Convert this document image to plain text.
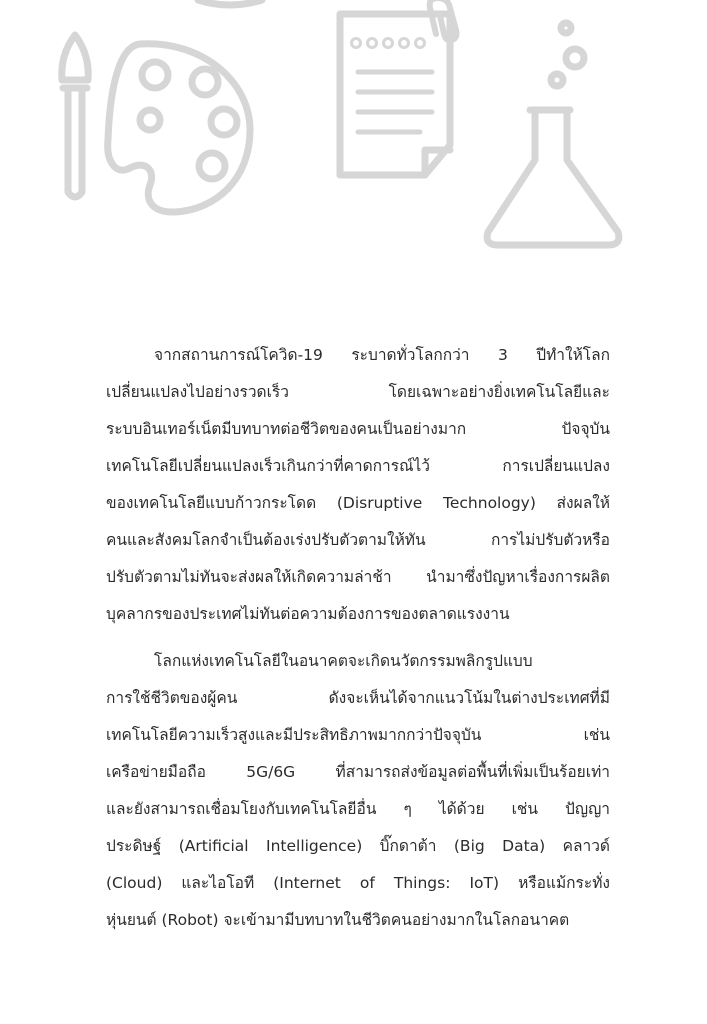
จากสถานการณ์โควิด-19 ระบาดทั่วโลกกว่า 3 ปีทำให้โลก
เปลี่ยนแปลงไปอย่างรวดเร็ว โดยเฉพาะอย่างยิ่งเทคโนโลยีและ
ระบบอินเทอร์เน็ตมีบทบาทต่อชีวิตของคนเป็นอย่างมาก ปัจจุบัน
เทคโนโลยีเปลี่ยนแปลงเร็วเกินกว่าที่คาดการณ์ไว้ การเปลี่ยนแปลง
ของเทคโนโลยีแบบก้าวกระโดด (Disruptive Technology) ส่งผลให้
คนและสังคมโลกจำเป็นต้องเร่งปรับตัวตามให้ทัน การไม่ปรับตัวหรือ
ปรับตัวตามไม่ทันจะส่งผลให้เกิดความล่าช้า นำมาซึ่งปัญหาเรื่องการผลิต
บุคลากรของประเทศไม่ทันต่อความต้องการของตลาดแรงงาน

โลกแห่งเทคโนโลยีในอนาคตจะเกิดนวัตกรรมพลิกรูปแบบ
การใช้ชีวิตของผู้คน ดังจะเห็นได้จากแนวโน้มในต่างประเทศที่มี
เทคโนโลยีความเร็วสูงและมีประสิทธิภาพมากกว่าปัจจุบัน เช่น
เครือข่ายมือถือ 5G/6G ที่สามารถส่งข้อมูลต่อพื้นที่เพิ่มเป็นร้อยเท่า
และยังสามารถเชื่อมโยงกับเทคโนโลยีอื่น ๆ ได้ด้วย เช่น ปัญญา
ประดิษฐ์ (Artificial Intelligence) บิ๊กดาต้า (Big Data) คลาวด์
(Cloud) และไอโอที (Internet of Things: IoT) หรือแม้กระทั่ง
หุ่นยนต์ (Robot) จะเข้ามามีบทบาทในชีวิตคนอย่างมากในโลกอนาคต
